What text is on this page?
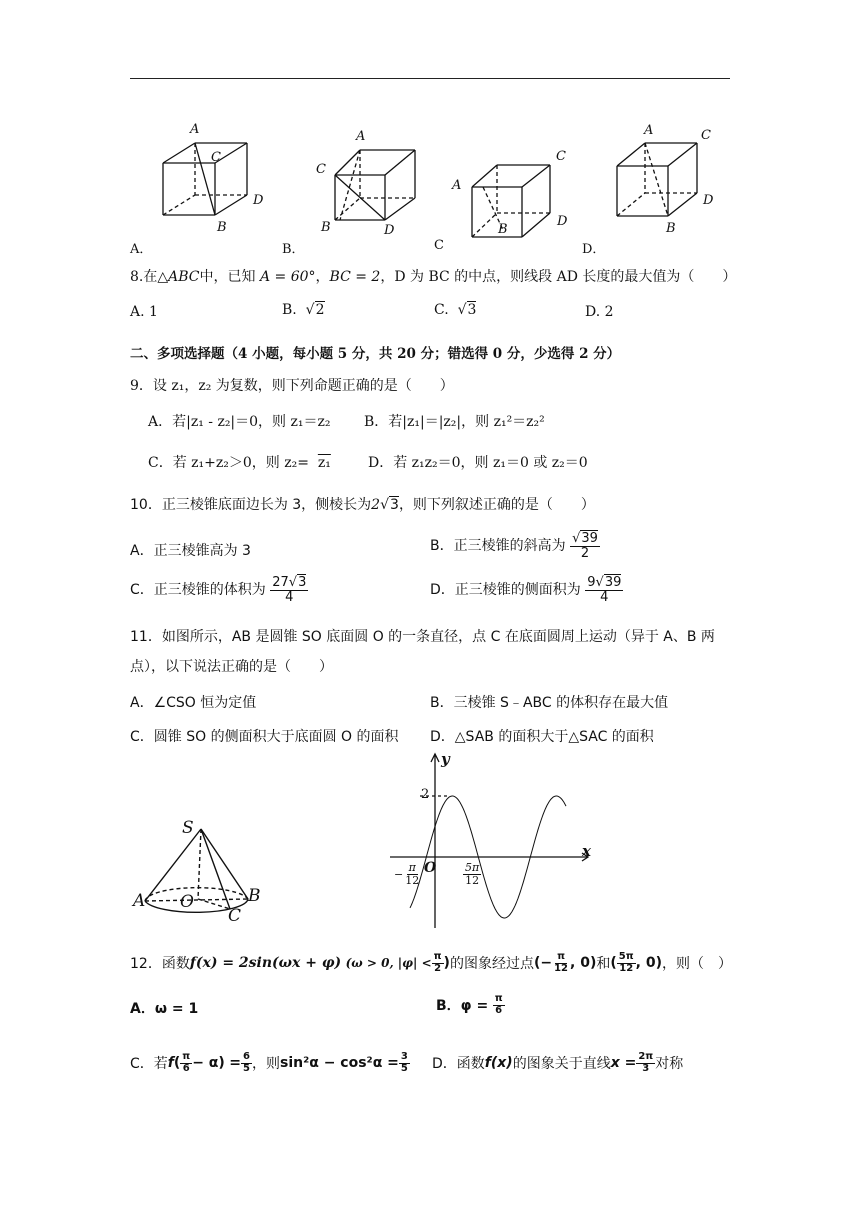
A
C
D
B
A
C
B	D
C
A
B
D
A	C
D
B
A．	B．	C	D．
8.在△ABC中，已知 A = 60°，BC = 2，D 为 BC 的中点，则线段 AD 长度的最大值为（　　）
A. 1	B.  √2	C.  √3	D. 2
二、多项选择题（4 小题，每小题 5 分，共 20 分；错选得 0 分，少选得 2 分）
9．设 z₁，z₂ 为复数，则下列命题正确的是（　　）
A．若|z₁ - z₂|＝0，则 z₁＝z₂ B．若|z₁|＝|z₂|，则 z₁²＝z₂²
C．若 z₁+z₂＞0，则 z₂= z₁	D．若 z₁z₂＝0，则 z₁＝0 或 z₂＝0
10．正三棱锥底面边长为 3，侧棱长为2√3，则下列叙述正确的是（　　）
A．正三棱锥高为 3	B．正三棱锥的斜高为 $\frac{√39}{2}$
C．正三棱锥的体积为 $\frac{27√3}{4}$	D．正三棱锥的侧面积为 $\frac{9√39}{4}$
11．如图所示，AB 是圆锥 SO 底面圆 O 的一条直径，点 C 在底面圆周上运动（异于 A、B 两
点），以下说法正确的是（　　）
A．∠CSO 恒为定值	B．三棱锥 S﹣ABC 的体积存在最大值
C．圆锥 SO 的侧面积大于底面圆 O 的面积 D．△SAB 的面积大于△SAC 的面积
S
A O	B
C
y
x
O
2
− $\frac{\pi}{12}$	$\frac{5\pi}{12}$
12．函数 f(x) = 2sin(ωx + φ)
(ω > 0, $|\varphi| < \frac{\pi}{2}$ ) 的图象经过点 (− $\frac{\pi}{12}$ , 0) 和 ( $\frac{5\pi}{12}$ , 0) ，则（　）
A．ω = 1	B．φ =
$\frac{\pi}{6}$
C．若 f ( $\frac{\pi}{6} - \alpha$)
= $\frac{6}{5}$ ，则 $\sin^2\alpha - \cos^2\alpha = \frac{3}{5}$ D．函数 f(x) 的图象关于直线 $x = \frac{2\pi}{3}$ 对称
